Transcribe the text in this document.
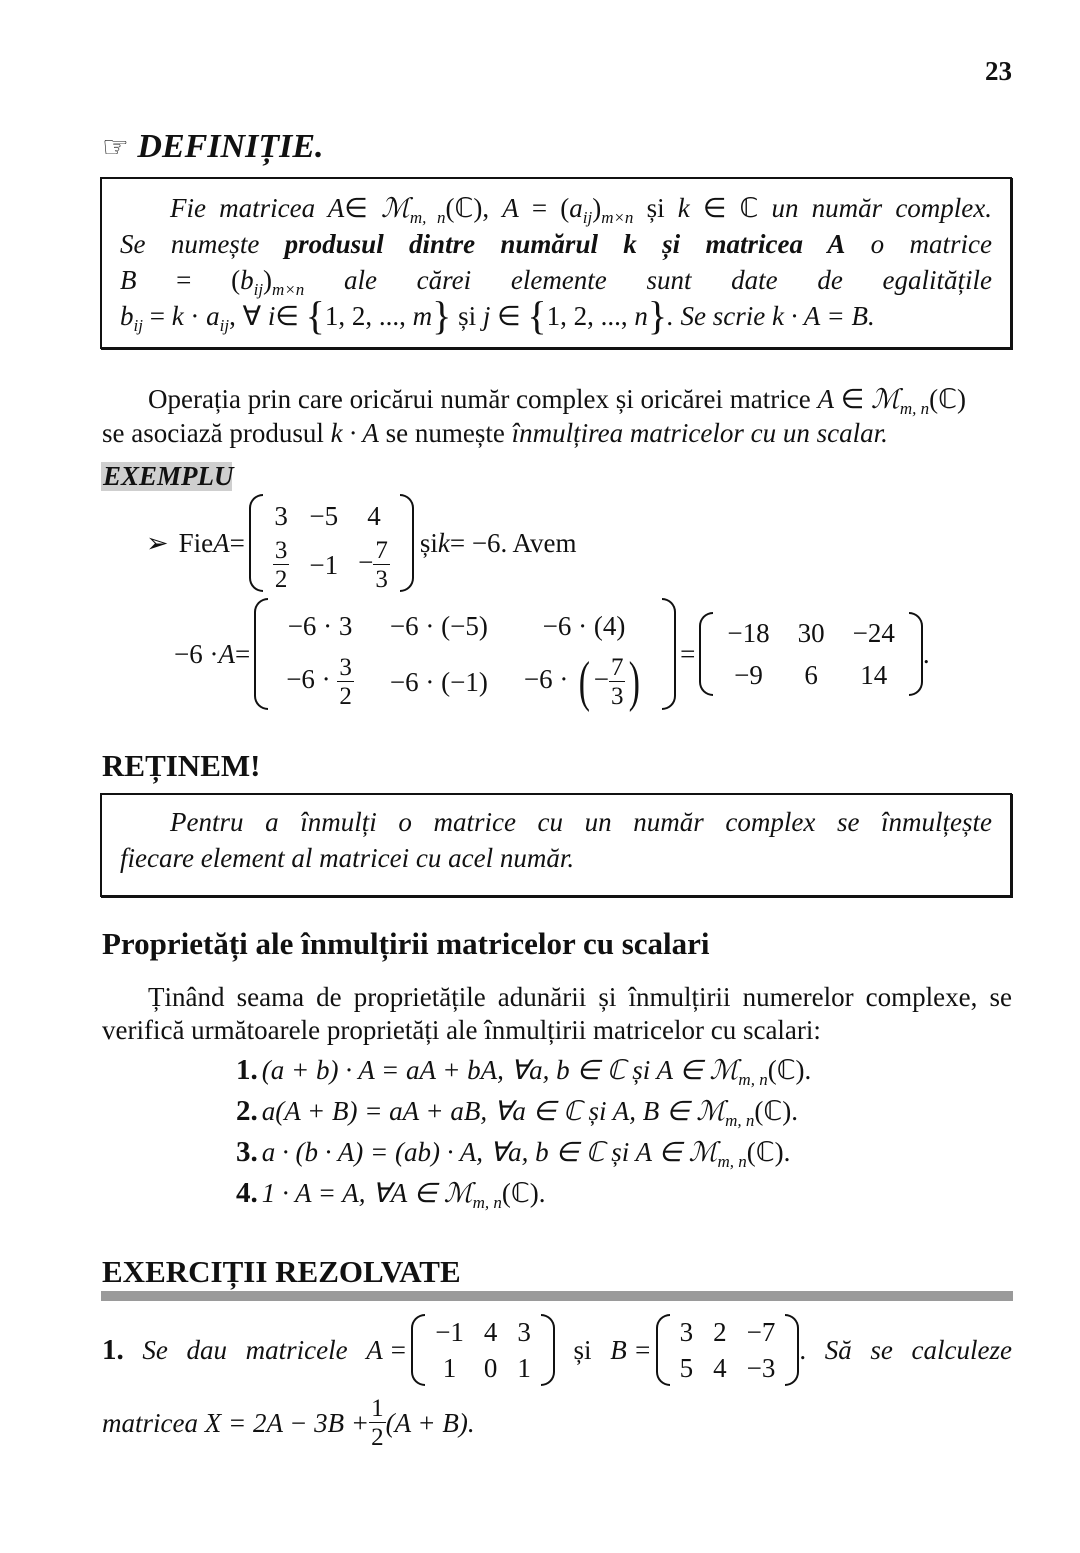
23
☞ DEFINIȚIE.
Fie matricea A∈ ℳ$_{m, n}$(ℂ), $A = (a_{ij})_{m\times n}$ și k ∈ ℂ un număr complex.
Se numește produsul dintre numărul k și matricea A o matrice
$B = (b_{ij})_{m\times n}$ ale cărei elemente sunt date de egalitățile
$b_{ij} = k \cdot a_{ij}$, ∀ i∈ {1, 2, ..., m} și j ∈ {1, 2, ..., n}. Se scrie k · A = B.
Operația prin care oricărui număr complex și oricărei matrice A ∈ ℳ$_{m, n}$(ℂ)
se asociază produsul k · A se numește înmulțirea matricelor cu un scalar.
EXEMPLU
➢ Fie A =
3	−5	4

$\frac{3}{2}$	−1	− $\frac{7}{3}$ și k = −6. Avem
−6 · A =
−6 · 3	−6 · (−5)	−6 · (4)
$-6 \cdot \frac{3}{2}$	−6 · (−1)	−6 · ( − $\frac{7}{3}$ ) =
−18	30	−24
−9	6	14
.
REȚINEM!
Pentru a înmulți o matrice cu un număr complex se înmulțește
fiecare element al matricei cu acel număr.
Proprietăți ale înmulțirii matricelor cu scalari
Ținând seama de proprietățile adunării și înmulțirii numerelor complexe, se
verifică următoarele proprietăți ale înmulțirii matricelor cu scalari:
1. (a + b) · A = aA + bA, ∀a, b ∈ ℂ și A ∈ ℳ$_{m, n}$(ℂ).
2. a(A + B) = aA + aB, ∀a ∈ ℂ și A, B ∈ ℳ$_{m, n}$(ℂ).
3. a · (b · A) = (ab) · A, ∀a, b ∈ ℂ și A ∈ ℳ$_{m, n}$(ℂ).
4. 1 · A = A, ∀A ∈ ℳ$_{m, n}$(ℂ).
EXERCIȚII REZOLVATE
1. Se dau matricele A =
−1	4	3
1	0	1
și B =
3	2	−7
5	4	−3
. Să se calculeze
matricea $X = 2A - 3B + \frac{1}{2} (A + B)$.
